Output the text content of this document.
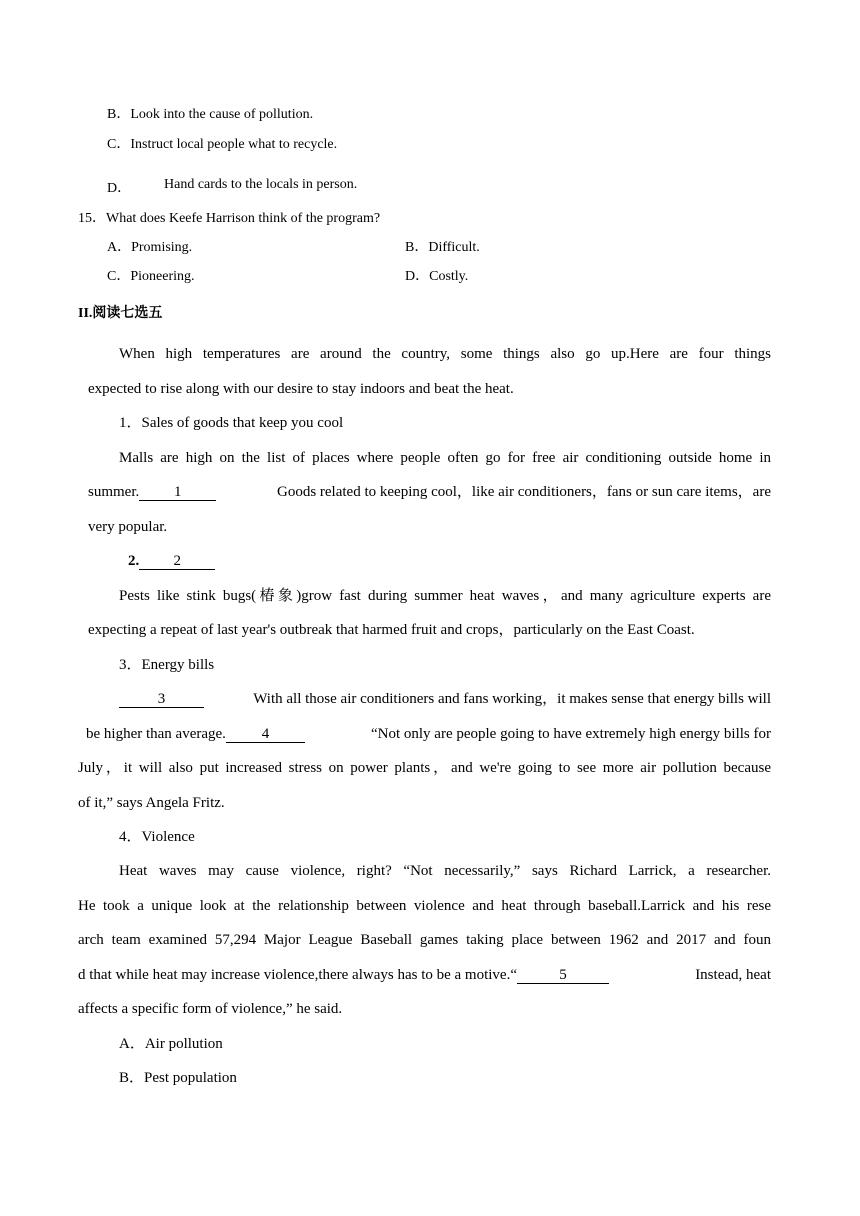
B．Look into the cause of pollution.
C．Instruct local people what to recycle.
D． Hand cards to the locals in person.
15．What does Keefe Harrison think of the program?
A．Promising.	B．Difficult.
C．Pioneering.	D．Costly.
II.阅读七选五
When high temperatures are around the country, some things also go up.Here are four things
expected to rise along with our desire to stay indoors and beat the heat.
1．Sales of goods that keep you cool
Malls are high on the list of places where people often go for free air conditioning outside home in
summer. 1	Goods related to keeping cool，like air conditioners，fans or sun care items，are
very popular.
2. 2
Pests like stink bugs(椿象)grow fast during summer heat waves，and many agriculture experts are
expecting a repeat of last year's outbreak that harmed fruit and crops，particularly on the East Coast.
3．Energy bills
3	With all those air conditioners and fans working，it makes sense that energy bills will
be higher than average. 4	“Not only are people going to have extremely high energy bills for
July，it will also put increased stress on power plants，and we're going to see more air pollution because
of it,” says Angela Fritz.
4．Violence
Heat waves may cause violence, right? “Not necessarily,” says Richard Larrick, a researcher.
He took a unique look at the relationship between violence and heat through baseball.Larrick and his rese
arch team examined 57,294 Major League Baseball games taking place between 1962 and 2017 and foun
d that while heat may increase violence,there always has to be a motive.“	5	Instead, heat
affects a specific form of violence,” he said.
A．Air pollution
B．Pest population
